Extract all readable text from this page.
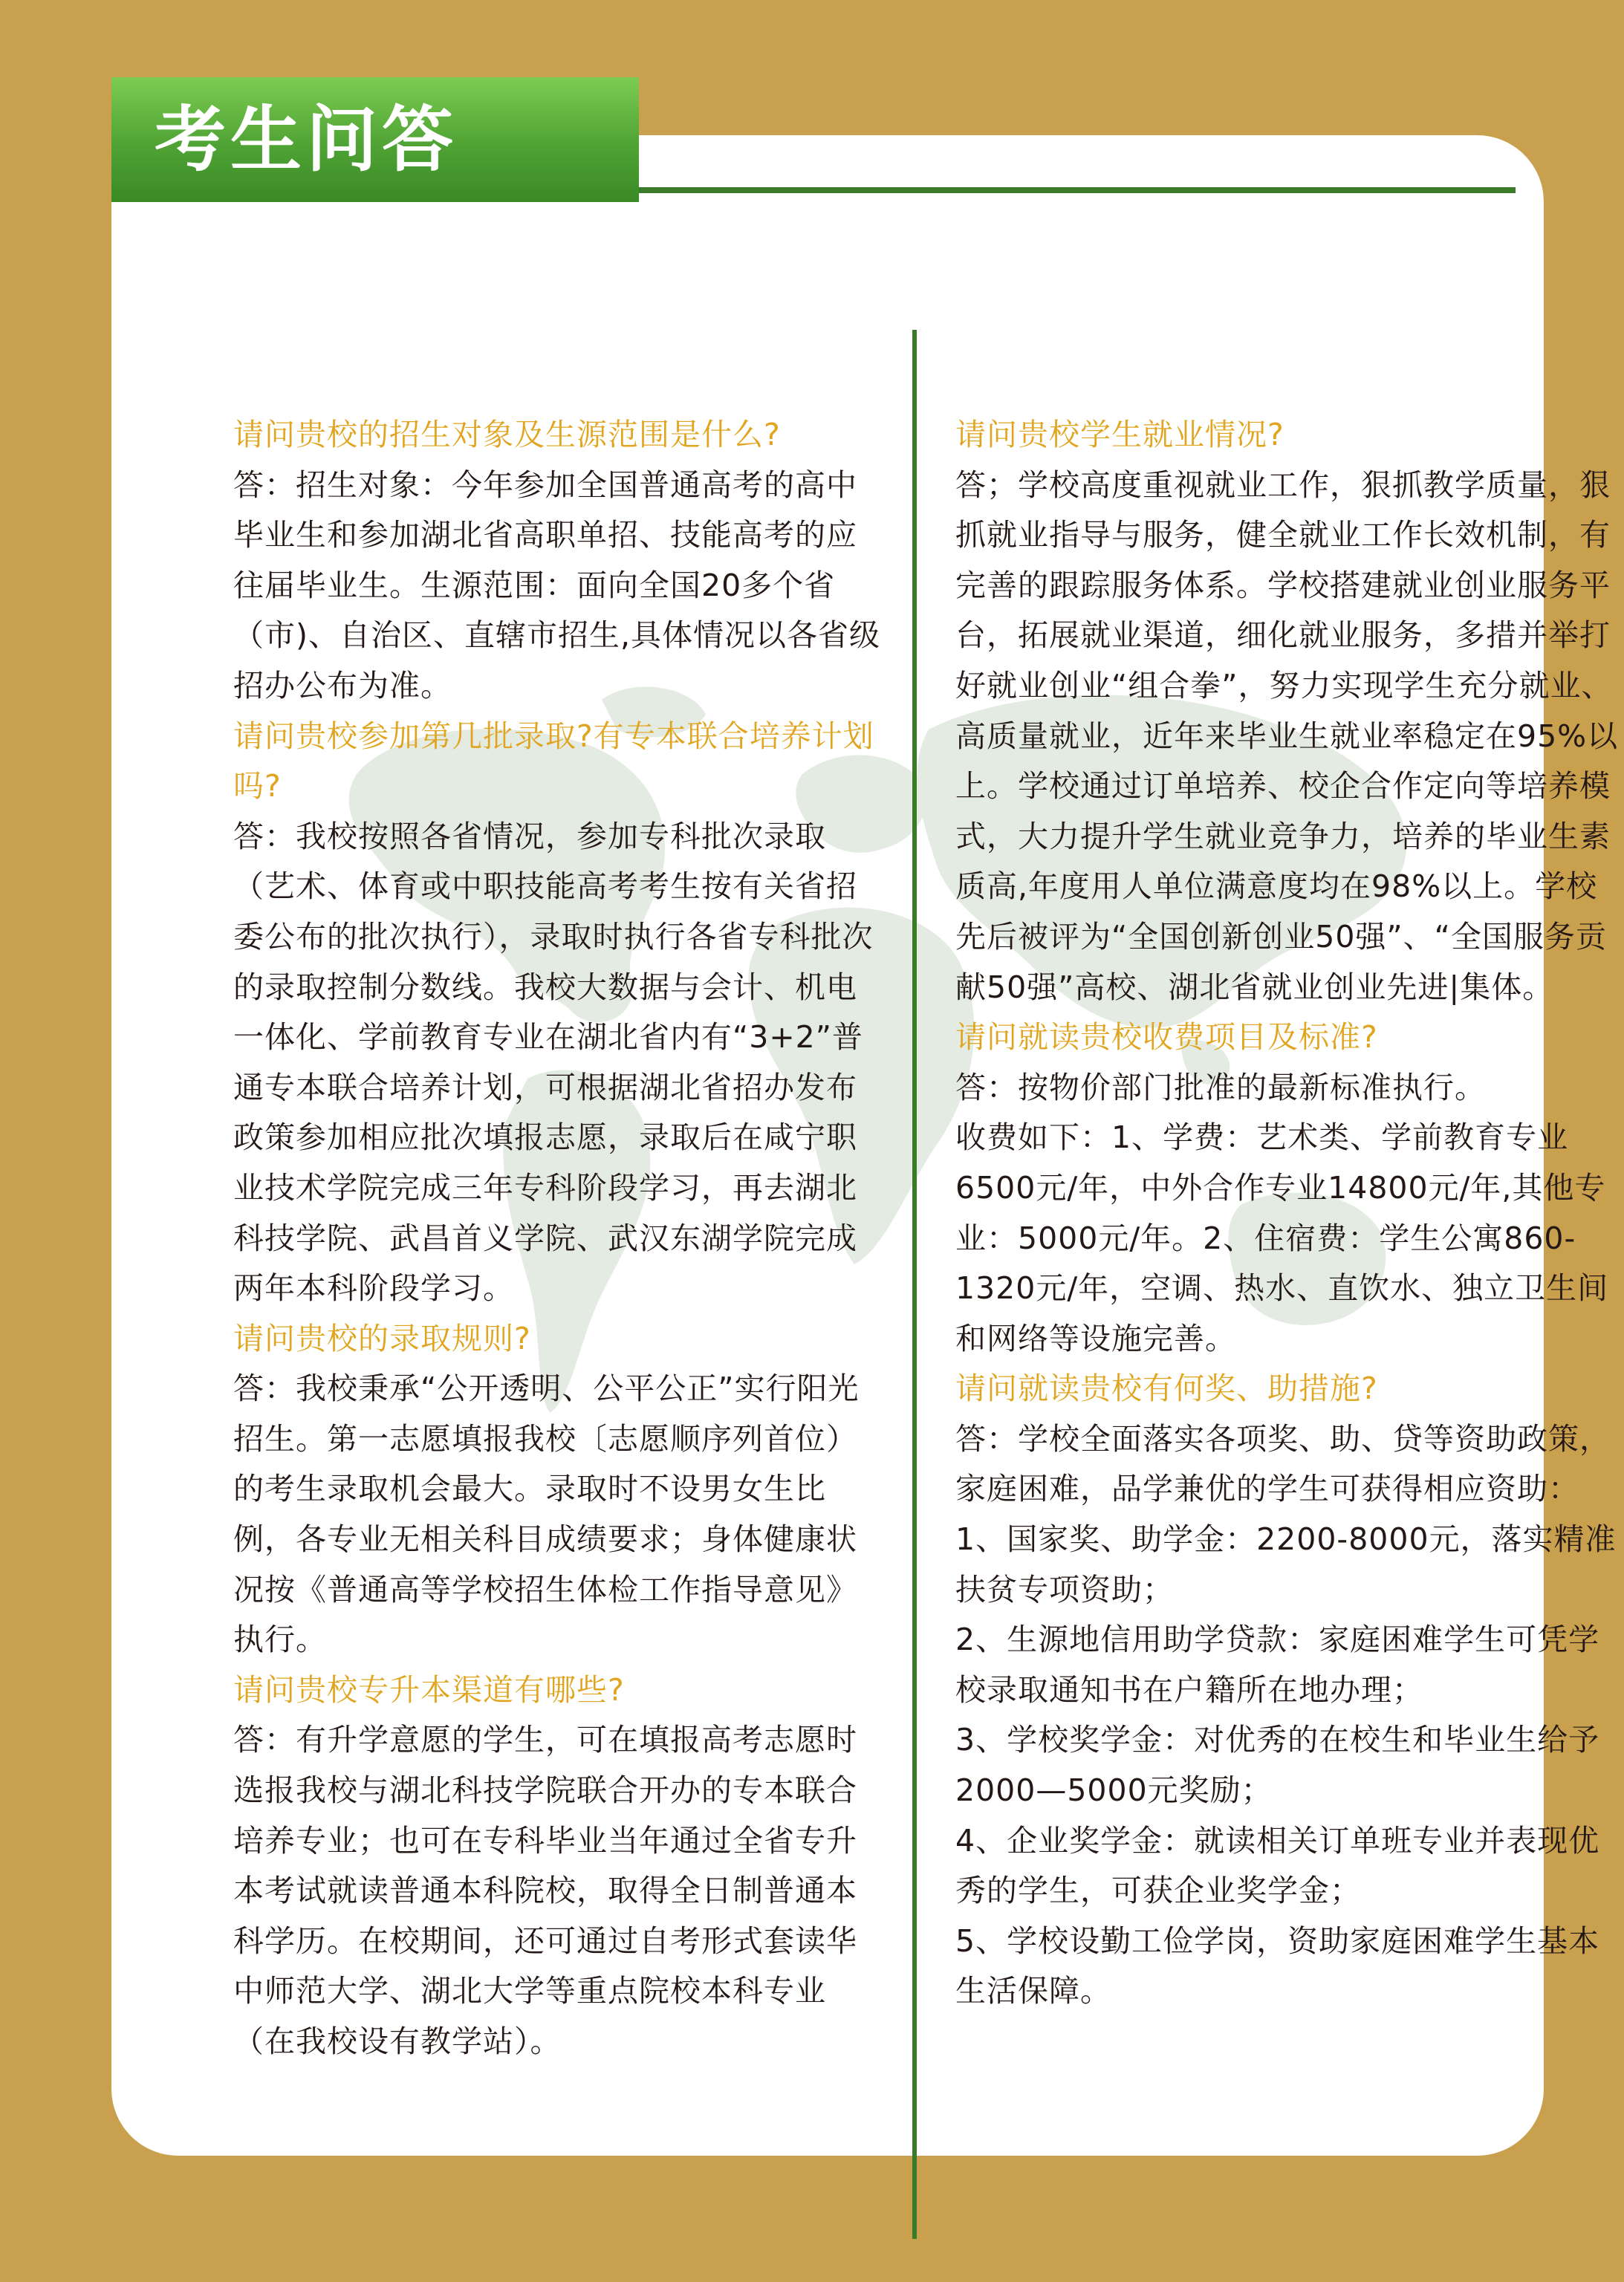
请问贵校的招生对象及生源范围是什么?

答：招生对象：今年参加全国普通高考的高中毕业生和参加湖北省高职单招、技能高考的应往届毕业生。生源范围：面向全国20多个省（市)、自治区、直辖市招生,具体情况以各省级招办公布为准。

请问贵校参加第几批录取?有专本联合培养计划吗?

答：我校按照各省情况，参加专科批次录取（艺术、体育或中职技能高考考生按有关省招委公布的批次执行），录取时执行各省专科批次的录取控制分数线。我校大数据与会计、机电一体化、学前教育专业在湖北省内有“3+2”普通专本联合培养计划，可根据湖北省招办发布政策参加相应批次填报志愿，录取后在咸宁职业技术学院完成三年专科阶段学习，再去湖北科技学院、武昌首义学院、武汉东湖学院完成两年本科阶段学习。

请问贵校的录取规则?

答：我校秉承“公开透明、公平公正”实行阳光招生。第一志愿填报我校〔志愿顺序列首位）的考生录取机会最大。录取时不设男女生比例，各专业无相关科目成绩要求；身体健康状况按《普通高等学校招生体检工作指导意见》执行。

请问贵校专升本渠道有哪些?

答：有升学意愿的学生，可在填报高考志愿时选报我校与湖北科技学院联合开办的专本联合培养专业；也可在专科毕业当年通过全省专升本考试就读普通本科院校，取得全日制普通本科学历。在校期间，还可通过自考形式套读华中师范大学、湖北大学等重点院校本科专业（在我校设有教学站）。

请问贵校学生就业情况?

答；学校高度重视就业工作，狠抓教学质量，狠抓就业指导与服务，健全就业工作长效机制，有完善的跟踪服务体系。学校搭建就业创业服务平台，拓展就业渠道，细化就业服务，多措并举打好就业创业“组合拳”，努力实现学生充分就业、高质量就业，近年来毕业生就业率稳定在95%以上。学校通过订单培养、校企合作定向等培养模式，大力提升学生就业竞争力，培养的毕业生素质高,年度用人单位满意度均在98%以上。学校先后被评为“全国创新创业50强”、“全国服务贡献50强”高校、湖北省就业创业先进|集体。

请问就读贵校收费项目及标准?

答：按物价部门批准的最新标准执行。

收费如下：1、学费：艺术类、学前教育专业6500元/年，中外合作专业14800元/年,其他专业：5000元/年。2、住宿费：学生公寓860-1320元/年，空调、热水、直饮水、独立卫生间和网络等设施完善。

请问就读贵校有何奖、助措施?

答：学校全面落实各项奖、助、贷等资助政策，家庭困难，品学兼优的学生可获得相应资助：

1、国家奖、助学金：2200-8000元，落实精准扶贫专项资助；

2、生源地信用助学贷款：家庭困难学生可凭学校录取通知书在户籍所在地办理；

3、学校奖学金：对优秀的在校生和毕业生给予2000—5000元奖励；

4、企业奖学金：就读相关订单班专业并表现优秀的学生，可获企业奖学金；

5、学校设勤工俭学岗，资助家庭困难学生基本生活保障。

考生问答
